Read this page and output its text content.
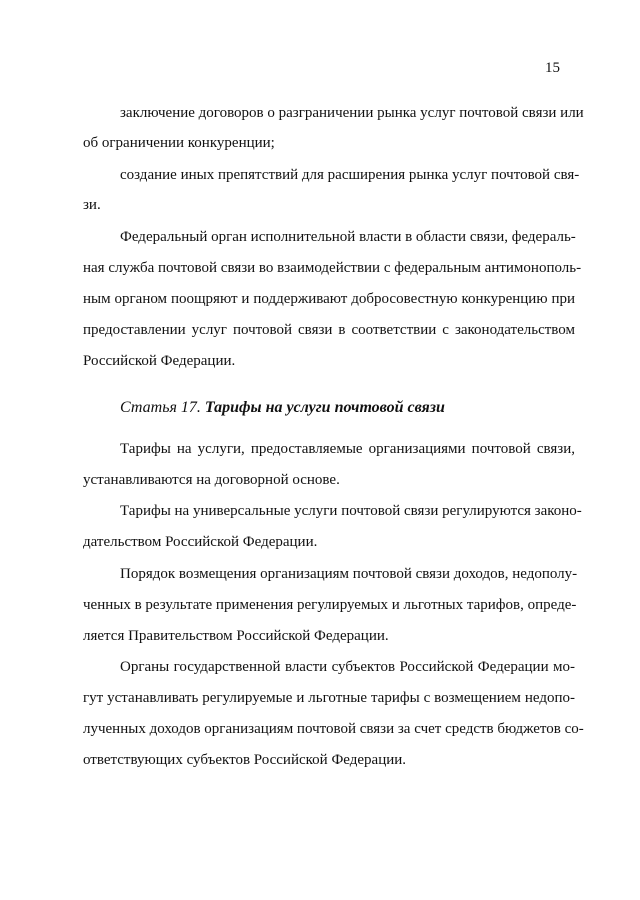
15
заключение договоров о разграничении рынка услуг почтовой связи или
об ограничении конкуренции;
создание иных препятствий для расширения рынка услуг почтовой свя-
зи.
Федеральный орган исполнительной власти в области связи, федераль-
ная служба почтовой связи во взаимодействии с федеральным антимонополь-
ным органом поощряют и поддерживают добросовестную конкуренцию при
предоставлении услуг почтовой связи в соответствии с законодательством
Российской Федерации.
Статья 17. Тарифы на услуги почтовой связи
Тарифы на услуги, предоставляемые организациями почтовой связи,
устанавливаются на договорной основе.
Тарифы на универсальные услуги почтовой связи регулируются законо-
дательством Российской Федерации.
Порядок возмещения организациям почтовой связи доходов, недополу-
ченных в результате применения регулируемых и льготных тарифов, опреде-
ляется Правительством Российской Федерации.
Органы государственной власти субъектов Российской Федерации мо-
гут устанавливать регулируемые и льготные тарифы с возмещением недопо-
лученных доходов организациям почтовой связи за счет средств бюджетов со-
ответствующих субъектов Российской Федерации.
